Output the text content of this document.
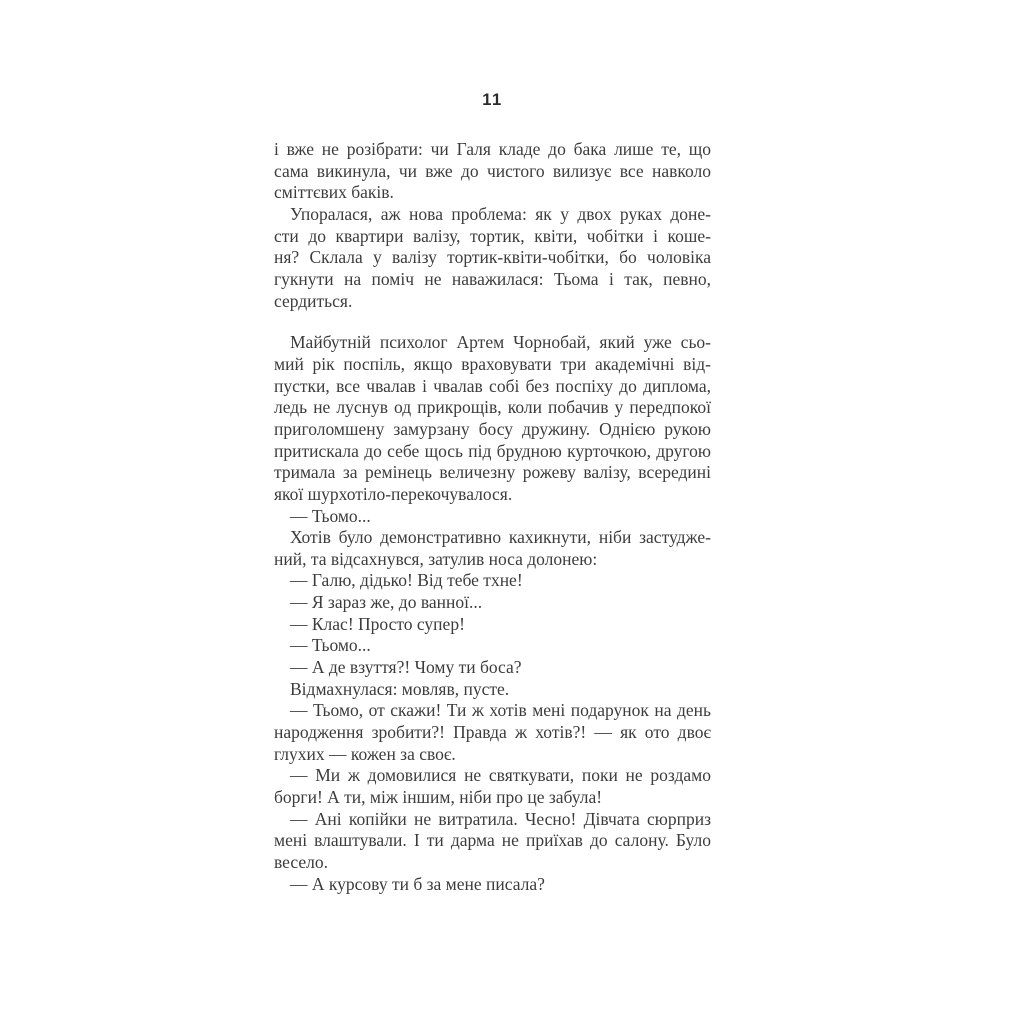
11
і вже не розібрати: чи Галя кладе до бака лише те, що
сама викинула, чи вже до чистого вилизує все навколо
сміттєвих баків.
Упоралася, аж нова проблема: як у двох руках доне-
сти до квартири валізу, тортик, квіти, чобітки і коше-
ня? Склала у валізу тортик-квіти-чобітки, бо чоловіка
гукнути на поміч не наважилася: Тьома і так, певно,
сердиться.
Майбутній психолог Артем Чорнобай, який уже сьо-
мий рік поспіль, якщо враховувати три академічні від-
пустки, все чвалав і чвалав собі без поспіху до диплома,
ледь не луснув од прикрощів, коли побачив у передпокої
приголомшену замурзану босу дружину. Однією рукою
притискала до себе щось під брудною курточкою, другою
тримала за ремінець величезну рожеву валізу, всередині
якої шурхотіло-перекочувалося.
— Тьомо...
Хотів було демонстративно кахикнути, ніби застудже-
ний, та відсахнувся, затулив носа долонею:
— Галю, дідько! Від тебе тхне!
— Я зараз же, до ванної...
— Клас! Просто супер!
— Тьомо...
— А де взуття?! Чому ти боса?
Відмахнулася: мовляв, пусте.
— Тьомо, от скажи! Ти ж хотів мені подарунок на день
народження зробити?! Правда ж хотів?! — як ото двоє
глухих — кожен за своє.
— Ми ж домовилися не святкувати, поки не роздамо
борги! А ти, між іншим, ніби про це забула!
— Ані копійки не витратила. Чесно! Дівчата сюрприз
мені влаштували. І ти дарма не приїхав до салону. Було
весело.
— А курсову ти б за мене писала?
